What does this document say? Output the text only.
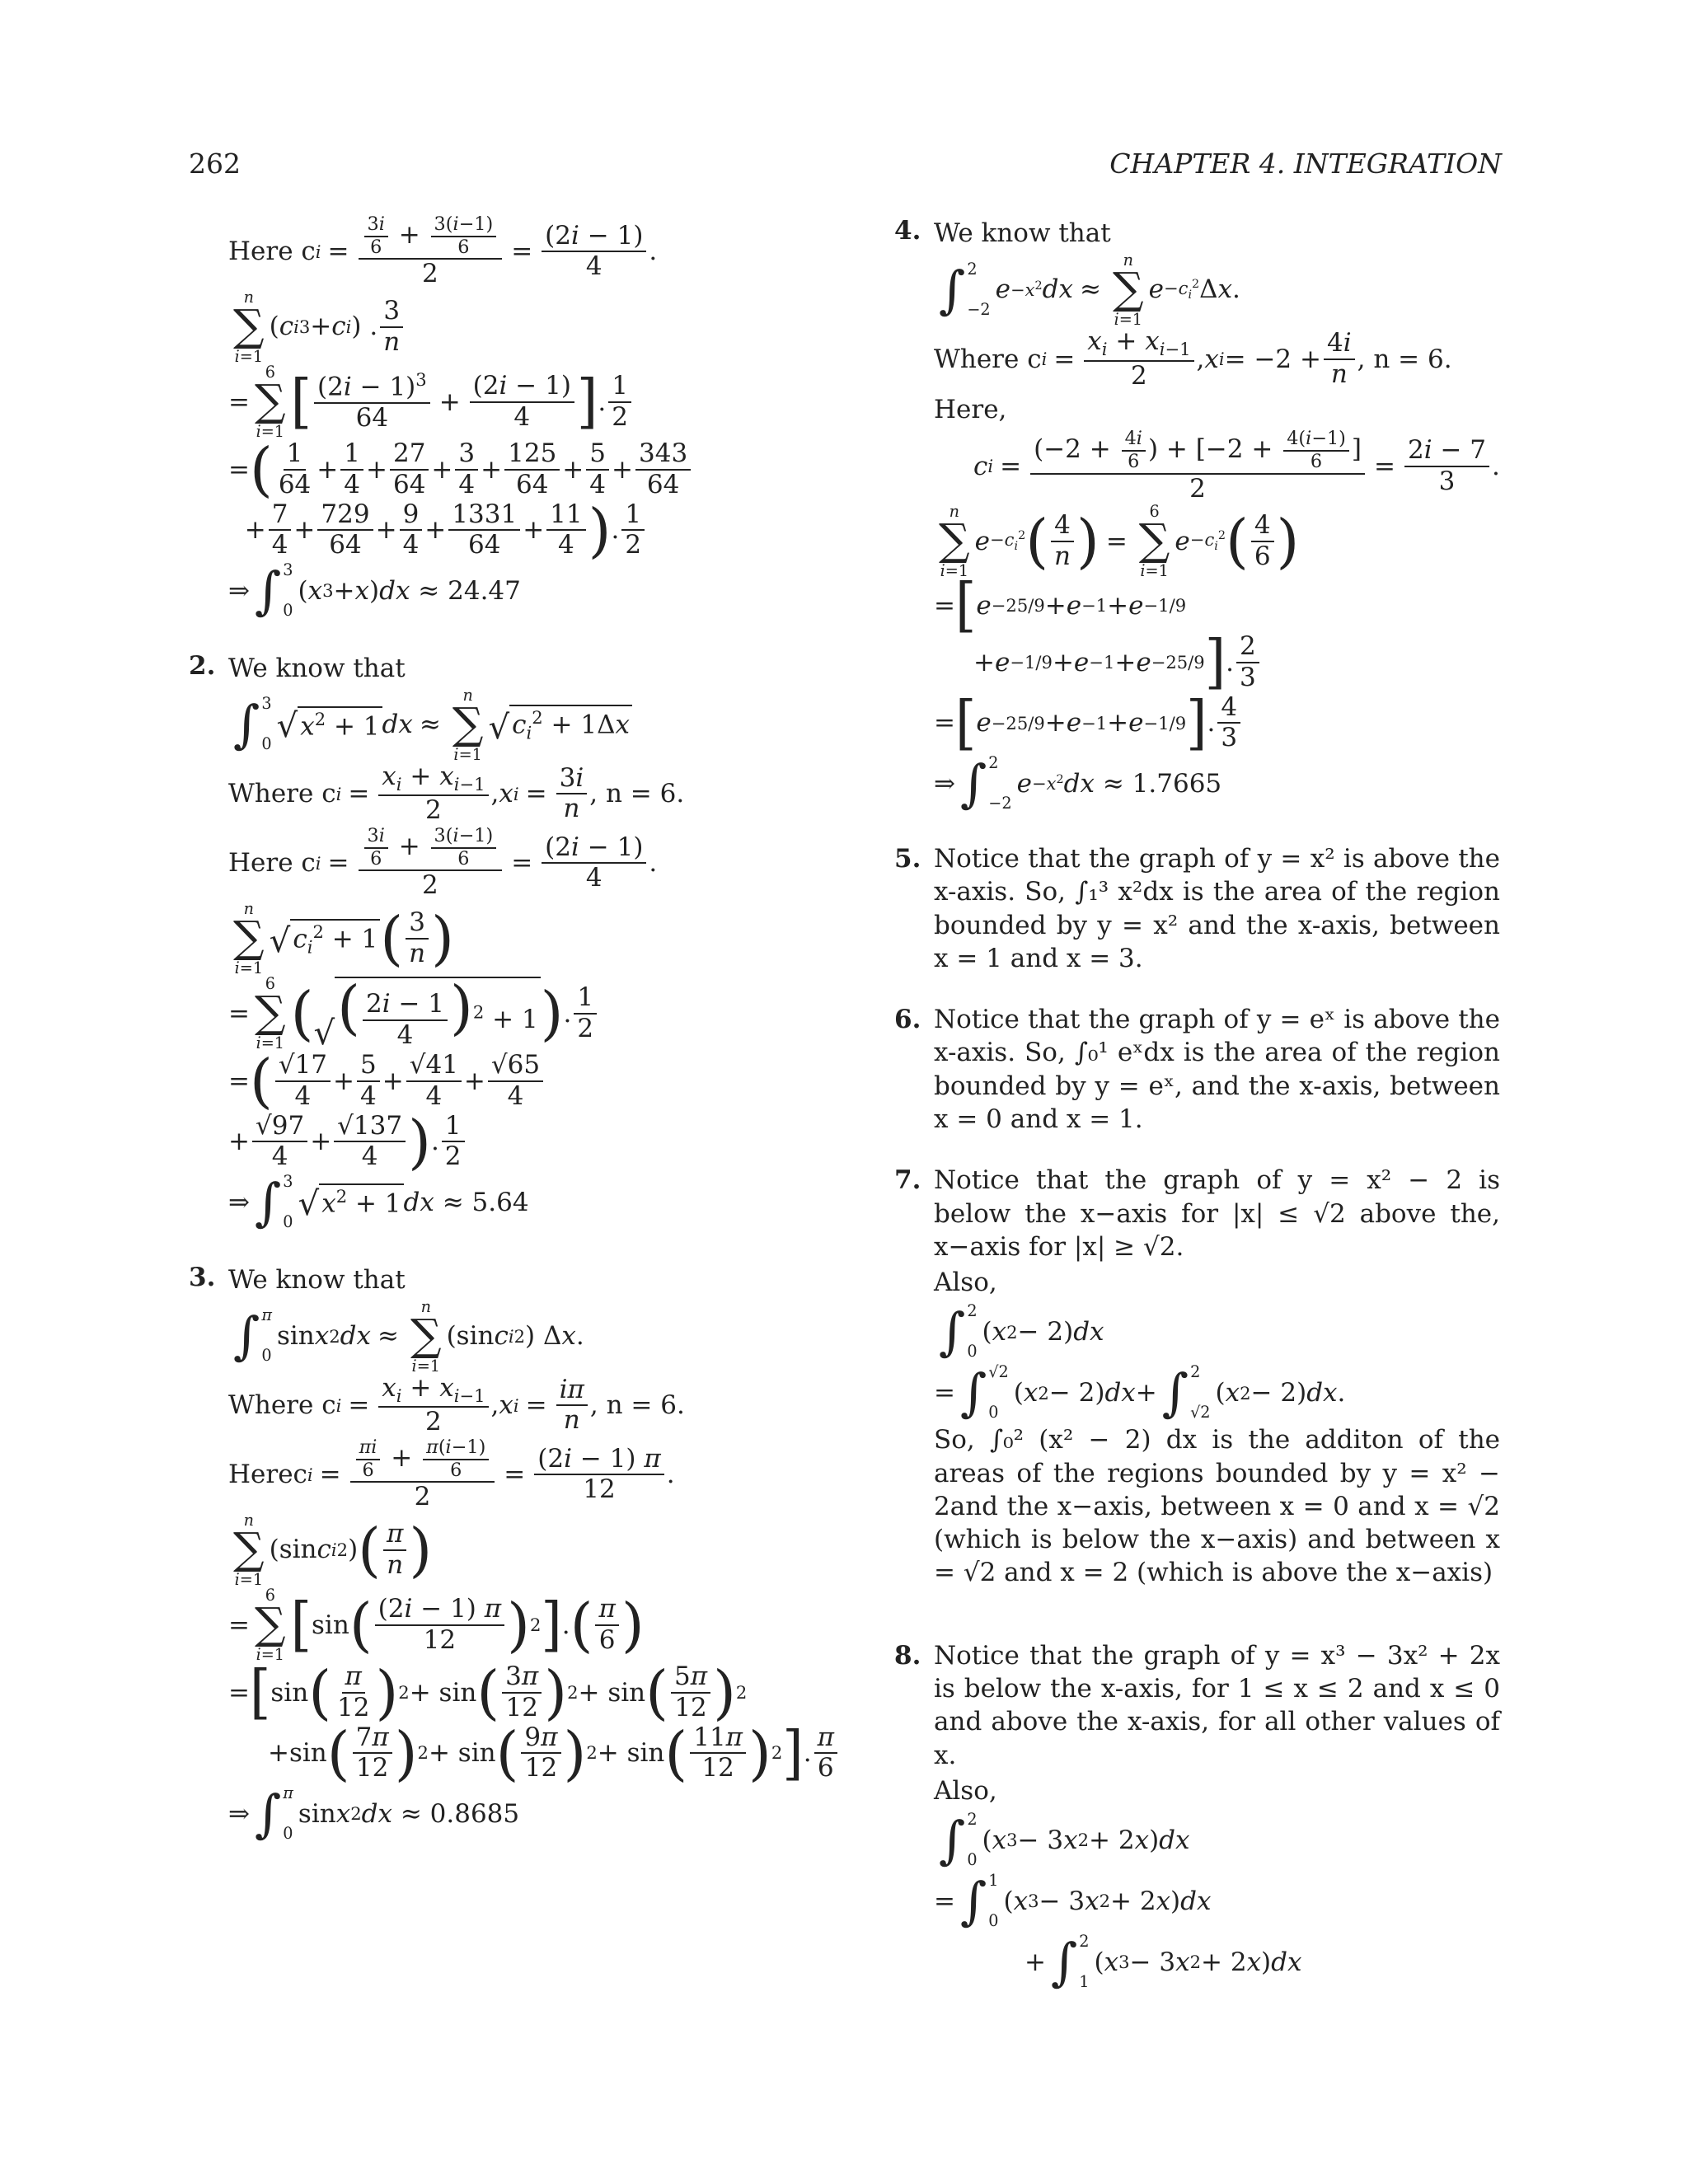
262	CHAPTER 4. INTEGRATION
Here c $i = \frac{\frac{3i}{6} + \frac{3(i-1)}{6}}{2} = \frac{(2i - 1)}{4}$ .
n
∑
i=1
( c i 3 + c i ) . $\frac{3}{n}$
=
6
∑
i=1 [ $\frac{(2i - 1)^3}{64} + \frac{(2i - 1)}{4}$ ] . $\frac{1}{2}$
= ( $\frac{1}{64} + \frac{1}{4} + \frac{27}{64} + \frac{3}{4} + \frac{125}{64} + \frac{5}{4} + \frac{343}{64}$
+ $\frac{7}{4} + \frac{729}{64} + \frac{9}{4} + \frac{1331}{64} + \frac{11}{4}$ ) . $\frac{1}{2}$
⇒ ∫ 3
0
( x 3 + x ) dx
≈ 24.47
2. We know that
∫ 3
0 √ $x^2 + 1$ dx ≈
n
∑
i=1
√ $c_i^2 + 1\Delta x$
Where c $i = \frac{x_i + x_{i-1}}{2}$ , x $i = \frac{3i}{n}$ , n = 6.
Here c $i = \frac{\frac{3i}{6} + \frac{3(i-1)}{6}}{2} = \frac{(2i - 1)}{4}$ .
n
∑
i=1
√ $c_i^2 + 1$ ( $\frac{3}{n}$ )
=
6
∑
i=1 ( √ ( $\frac{2i - 1}{4} )^2 + 1$ ) . $\frac{1}{2}$
= ( $\frac{√17}{4} + \frac{5}{4} + \frac{√41}{4} + \frac{√65}{4}$
+ $\frac{√97}{4} + \frac{√137}{4}$ ) . $\frac{1}{2}$
⇒ ∫ 3
0 √ $x^2 + 1$ dx
≈ 5.64
3. We know that
∫ π
0
sin x 2 dx ≈
n
∑
i=1
(sin c i 2 ) Δ x .
Where c $i = \frac{x_i + x_{i-1}}{2}$ , x $i = \frac{i\pi}{n}$ , n = 6.
Herec $i = \frac{\frac{\pi i}{6} + \frac{\pi(i-1)}{6}}{2} = \frac{(2i - 1) \pi}{12}$ .
n
∑
i=1
(sin c i 2 ) ( $\frac{\pi}{n}$ )
=
6
∑
i=1 [ sin ( $\frac{(2i - 1) \pi}{12}$ ) 2 ] . ( $\frac{\pi}{6}$ )
= [ sin ( $\frac{\pi}{12}$ ) 2 + sin ( $\frac{3\pi}{12}$ ) 2 + sin ( $\frac{5\pi}{12}$ ) 2
+sin ( $\frac{7\pi}{12}$ ) 2 + sin ( $\frac{9\pi}{12}$ ) 2 + sin ( $\frac{11\pi}{12}$ ) 2 ] . $\frac{\pi}{6}$
⇒ ∫ π
0
sin x 2 dx
≈ 0.8685
4. We know that
∫ 2
−2
$e -x^2$ dx ≈
n
∑
i=1
$e -c_i^2$ Δ x .
Where c $i = \frac{x_i + x_{i-1}}{2}$ , x $i = -2 + \frac{4i}{n}$ , n = 6.
Here,
c $i = \frac{(-2 + \frac{4i}{6} ) + [-2 + \frac{4(i-1)}{6} ]}{2} = \frac{2i - 7}{3}$ .
n
∑
i=1
$e -c_i^2$ ( $\frac{4}{n}$ ) =
6
∑
i=1
$e -c_i^2$ ( $\frac{4}{6}$ )
= [ e −25/9 + e −1 + e −1/9
+ e −1/9 + e −1 + e −25/9 ] . $\frac{2}{3}$
= [ e −25/9 + e −1 + e −1/9 ] . $\frac{4}{3}$
⇒ ∫ 2
−2
$e -x^2$ dx
≈ 1.7665
5. Notice that the graph of y = x² is above the x-axis. So, ∫₁³ x²dx is the area of the region bounded by y = x² and the x-axis, between x = 1 and x = 3.
6. Notice that the graph of y = eˣ is above the x-axis. So, ∫₀¹ eˣdx is the area of the region bounded by y = eˣ, and the x-axis, between x = 0 and x = 1.
7. Notice that the graph of y = x² − 2 is below the x−axis for |x| ≤ √2 above the, x−axis for |x| ≥ √2.
Also,
∫ 2
0
( x 2 − 2) dx
= ∫ √2
0
( x 2 − 2) dx + ∫ 2
√2
( x 2 − 2) dx .
So, ∫₀² (x² − 2) dx is the additon of the areas of the regions bounded by y = x² − 2and the x−axis, between x = 0 and x = √2 (which is below the x−axis) and between x = √2 and x = 2 (which is above the x−axis)
8. Notice that the graph of y = x³ − 3x² + 2x is below the x-axis, for 1 ≤ x ≤ 2 and x ≤ 0 and above the x-axis, for all other values of x.
Also,
∫ 2
0
( x 3 − 3 x 2 + 2 x ) dx
= ∫ 1
0
( x 3 − 3 x 2 + 2 x ) dx
+ ∫ 2
1
( x 3 − 3 x 2 + 2 x ) dx
